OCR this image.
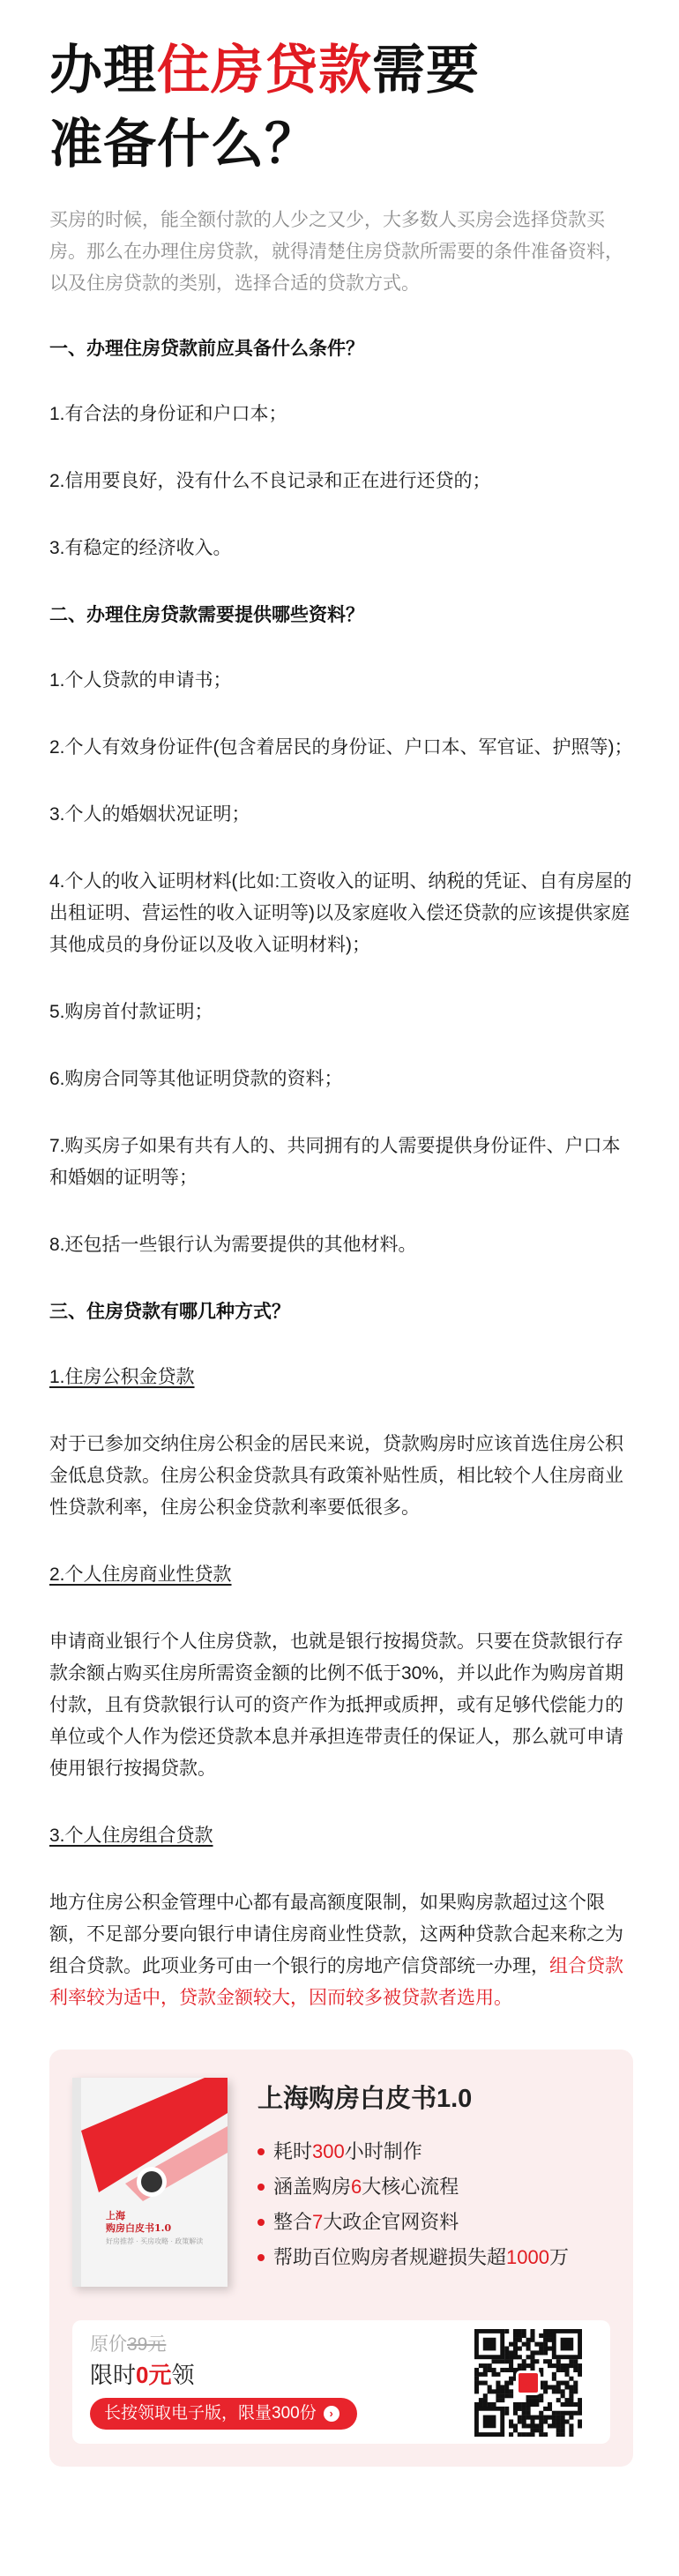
办理住房贷款需要
准备什么？

买房的时候，能全额付款的人少之又少，大多数人买房会选择贷款买房。那么在办理住房贷款，就得清楚住房贷款所需要的条件准备资料，以及住房贷款的类别，选择合适的贷款方式。

一、办理住房贷款前应具备什么条件？

1.有合法的身份证和户口本；

2.信用要良好，没有什么不良记录和正在进行还贷的；

3.有稳定的经济收入。

二、办理住房贷款需要提供哪些资料？

1.个人贷款的申请书；

2.个人有效身份证件(包含着居民的身份证、户口本、军官证、护照等)；

3.个人的婚姻状况证明；

4.个人的收入证明材料(比如:工资收入的证明、纳税的凭证、自有房屋的出租证明、营运性的收入证明等)以及家庭收入偿还贷款的应该提供家庭其他成员的身份证以及收入证明材料)；

5.购房首付款证明；

6.购房合同等其他证明贷款的资料；

7.购买房子如果有共有人的、共同拥有的人需要提供身份证件、户口本和婚姻的证明等；

8.还包括一些银行认为需要提供的其他材料。

三、住房贷款有哪几种方式？

1.住房公积金贷款

对于已参加交纳住房公积金的居民来说，贷款购房时应该首选住房公积金低息贷款。住房公积金贷款具有政策补贴性质，相比较个人住房商业性贷款利率，住房公积金贷款利率要低很多。

2.个人住房商业性贷款

申请商业银行个人住房贷款，也就是银行按揭贷款。只要在贷款银行存款余额占购买住房所需资金额的比例不低于30%，并以此作为购房首期付款，且有贷款银行认可的资产作为抵押或质押，或有足够代偿能力的单位或个人作为偿还贷款本息并承担连带责任的保证人，那么就可申请使用银行按揭贷款。

3.个人住房组合贷款

地方住房公积金管理中心都有最高额度限制，如果购房款超过这个限额，不足部分要向银行申请住房商业性贷款，这两种贷款合起来称之为组合贷款。此项业务可由一个银行的房地产信贷部统一办理，组合贷款利率较为适中，贷款金额较大，因而较多被贷款者选用。

上海
购房白皮书1.0
好房推荐 · 买房攻略 · 政策解读
上海购房白皮书1.0
耗时300小时制作
涵盖购房6大核心流程
整合7大政企官网资料
帮助百位购房者规避损失超1000万
原价39元
限时0元领
长按领取电子版，限量300份 ›
